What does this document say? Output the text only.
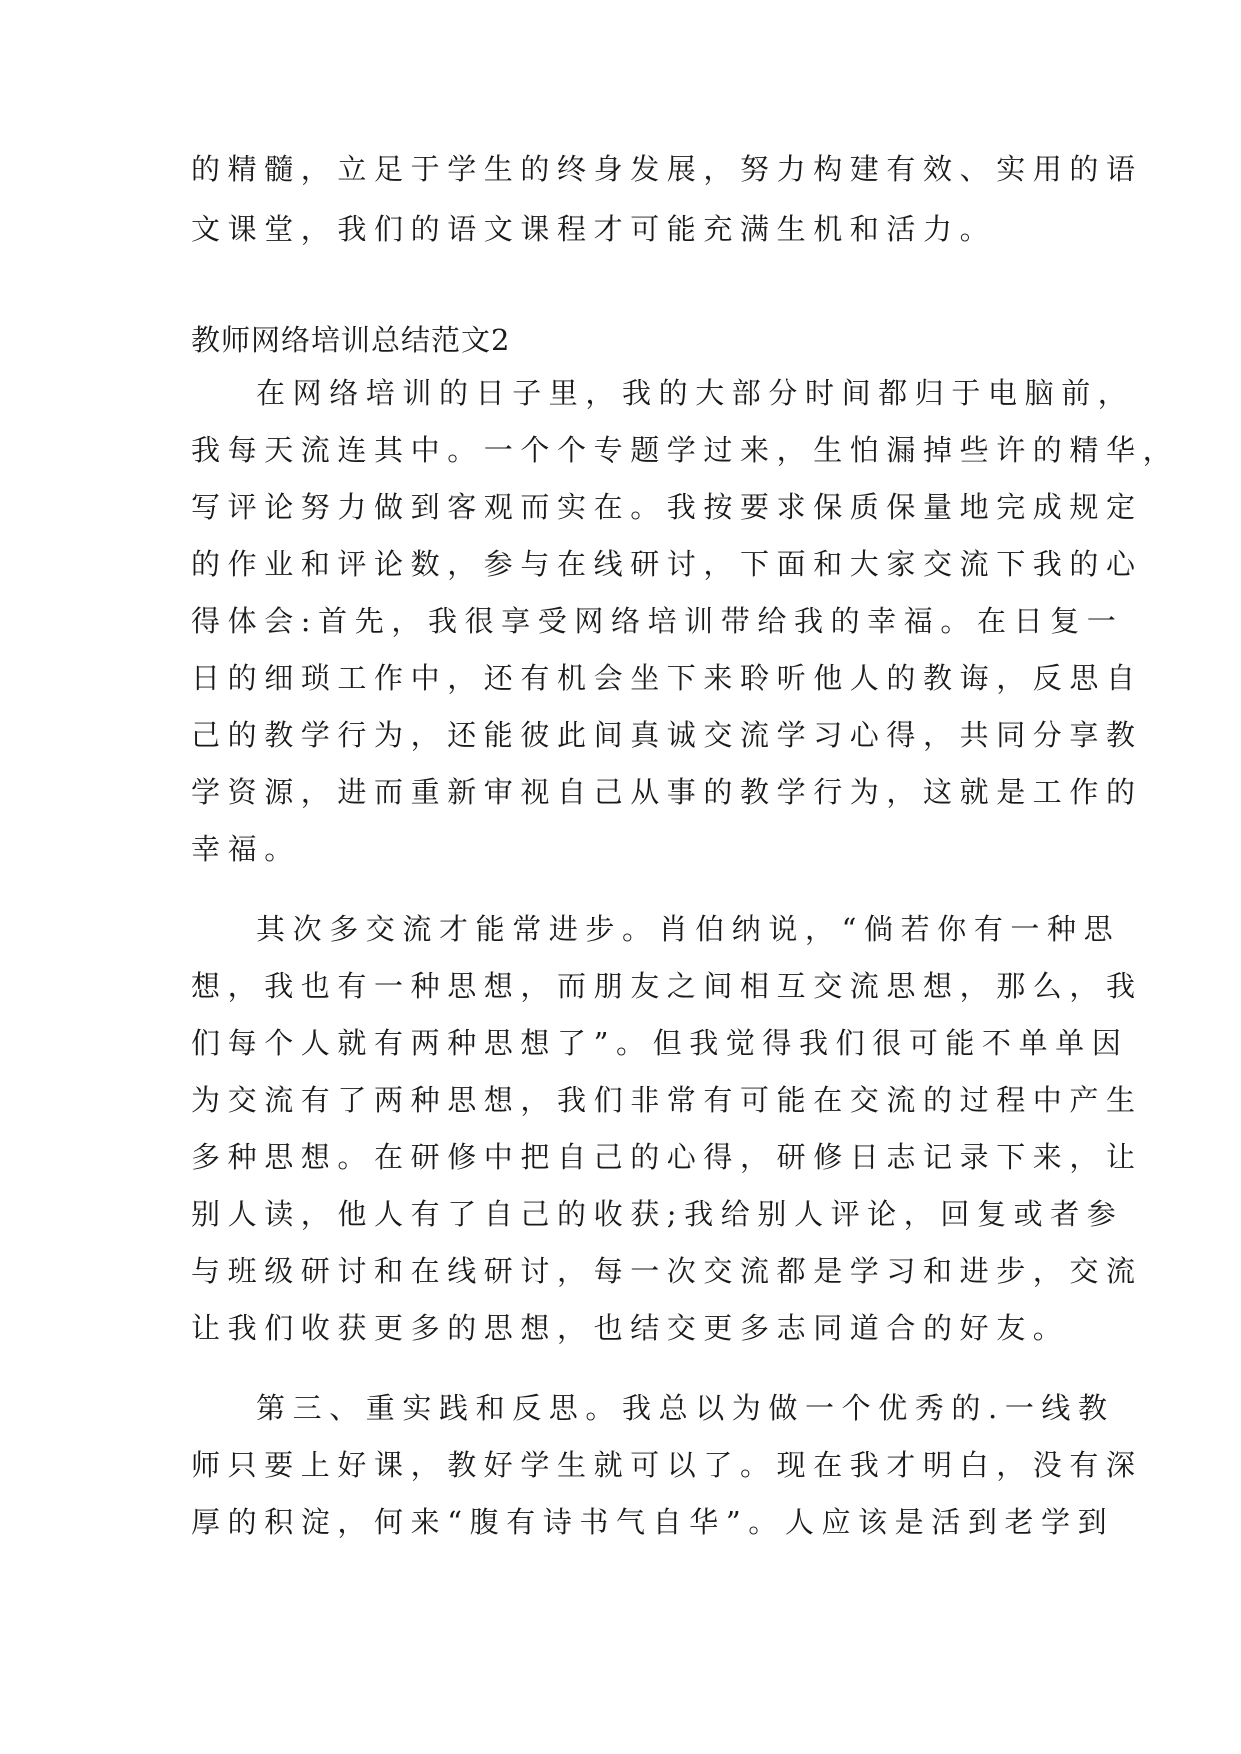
的精髓，立足于学生的终身发展，努力构建有效、实用的语
文课堂，我们的语文课程才可能充满生机和活力。
教师网络培训总结范文2
在网络培训的日子里，我的大部分时间都归于电脑前，
我每天流连其中。一个个专题学过来，生怕漏掉些许的精华，
写评论努力做到客观而实在。我按要求保质保量地完成规定
的作业和评论数，参与在线研讨，下面和大家交流下我的心
得体会:首先，我很享受网络培训带给我的幸福。在日复一
日的细琐工作中，还有机会坐下来聆听他人的教诲，反思自
己的教学行为，还能彼此间真诚交流学习心得，共同分享教
学资源，进而重新审视自己从事的教学行为，这就是工作的
幸福。
其次多交流才能常进步。肖伯纳说，“倘若你有一种思
想，我也有一种思想，而朋友之间相互交流思想，那么，我
们每个人就有两种思想了”。但我觉得我们很可能不单单因
为交流有了两种思想，我们非常有可能在交流的过程中产生
多种思想。在研修中把自己的心得，研修日志记录下来，让
别人读，他人有了自己的收获;我给别人评论，回复或者参
与班级研讨和在线研讨，每一次交流都是学习和进步，交流
让我们收获更多的思想，也结交更多志同道合的好友。
第三、重实践和反思。我总以为做一个优秀的.一线教
师只要上好课，教好学生就可以了。现在我才明白，没有深
厚的积淀，何来“腹有诗书气自华”。人应该是活到老学到
